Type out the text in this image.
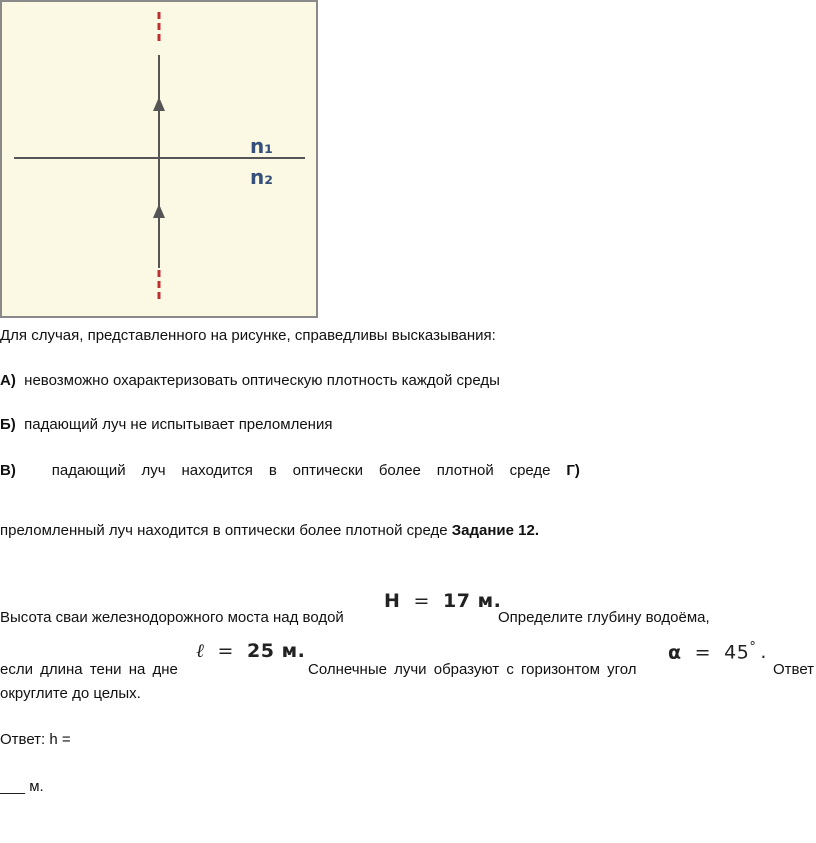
n₁
n₂
Для случая, представленного на рисунке, справедливы высказывания:
А) невозможно охарактеризовать оптическую плотность каждой среды
Б) падающий луч не испытывает преломления
В)
падающий луч находится в оптически более плотной среде Г)
преломленный луч находится в оптически более плотной среде Задание 12.
H = 17 м.
Высота сваи железнодорожного моста над водой	Определите глубину водоёма,
ℓ = 25 м.	α = 45° .
если длина тени на дне	Солнечные лучи образуют с горизонтом угол	Ответ
округлите до целых.
Ответ: h =
___ м.
